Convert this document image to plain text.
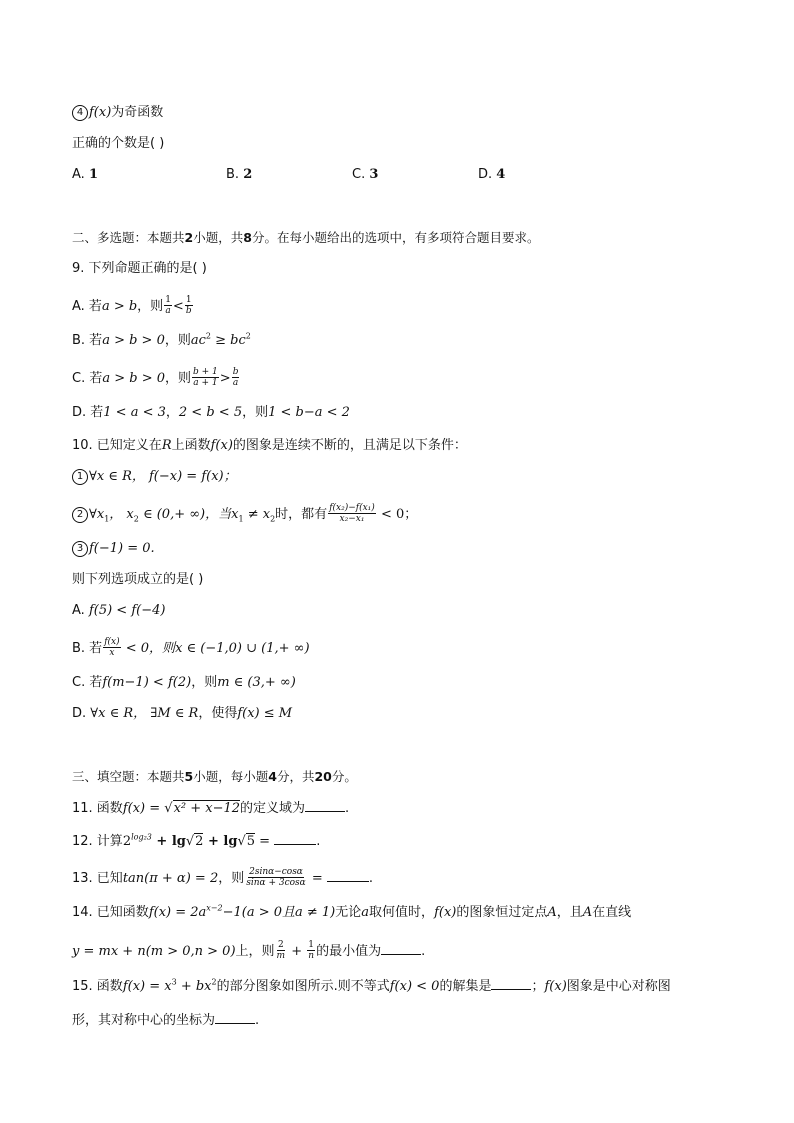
4 f(x)为奇函数
正确的个数是( )
A. 1	B. 2	C. 3	D. 4
二、多选题：本题共2小题，共8分。在每小题给出的选项中，有多项符合题目要求。
9. 下列命题正确的是( )
A. 若a > b，则 $\frac{1}{a} < \frac{1}{b}$
B. 若a > b > 0，则$ac^2 \ge bc^2$
C. 若a > b > 0，则 $\frac{b + 1}{a + 1} > \frac{b}{a}$
D. 若1 < a < 3，2 < b < 5，则1 < b−a < 2
10. 已知定义在R上函数f(x)的图象是连续不断的，且满足以下条件：
1 ∀x ∈ R， f(−x) = f(x)；
2 $\forall x_1$， $x_2$ ∈ (0,+ ∞)，当$x_1 \ne x_2$时，都有 $\frac{\text{f(x₂)−f(x₁)}}{\text{x₂−x₁}} < 0$；
3 f(−1) = 0.
则下列选项成立的是( )
A. f(5) < f(−4)
B. 若 $\frac{f(x)}{x} < 0$，则x ∈ (−1,0) ∪ (1,+ ∞)
C. 若f(m−1) < f(2)，则m ∈ (3,+ ∞)
D. ∀x ∈ R， ∃M ∈ R，使得f(x) ≤ M
三、填空题：本题共5小题，每小题4分，共20分。
11. 函数f(x) = √x² + x−12的定义域为	.
12. 计算$2^{log_23} + \lg√2 + \lg√5$ =	.
13. 已知tan(π + α) = 2，则 $\frac{2\sin\alpha-\cos\alpha}{\sin\alpha + 3\cos\alpha}$ =	.
14. 已知函数$f(x) = 2a^{x-2}-1(a > 0$且a ≠ 1)无论a取何值时，f(x)的图象恒过定点A，且A在直线
y = mx + n(m > 0,n > 0)上，则 $\frac{2}{m} + \frac{1}{n}$ 的最小值为	.
15. 函数$f(x) = x^3 + bx^2$的部分图象如图所示.则不等式f(x) < 0的解集是	；f(x)图象是中心对称图
形，其对称中心的坐标为	.
